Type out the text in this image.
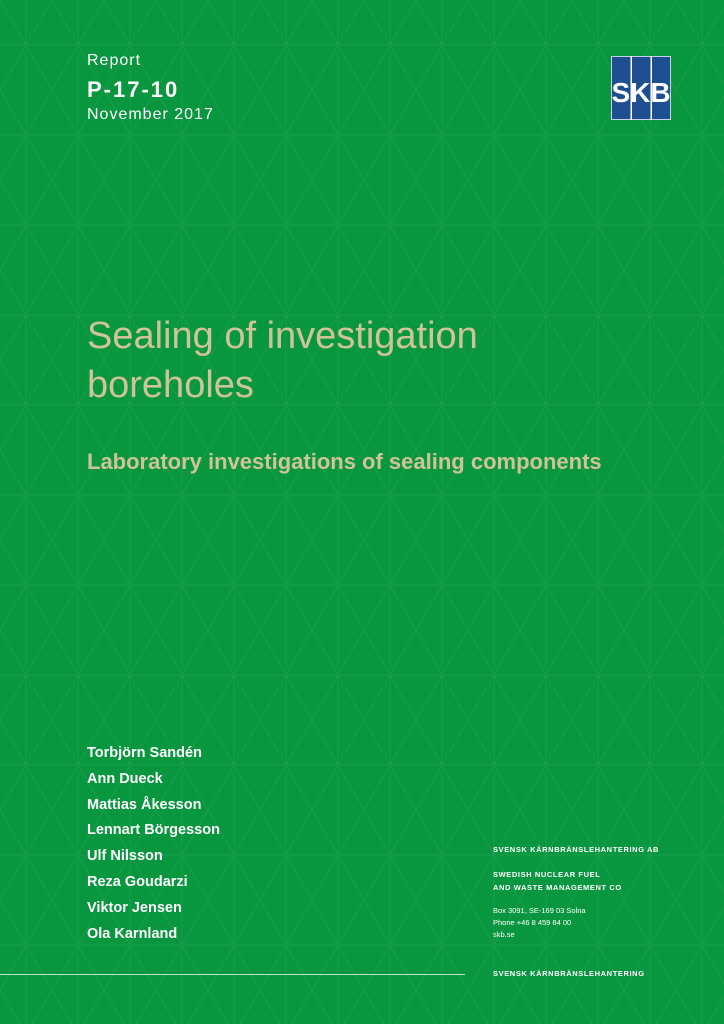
Report
P-17-10
November 2017
SKB
Sealing of investigation boreholes
Laboratory investigations of sealing components
Torbjörn Sandén
Ann Dueck
Mattias Åkesson
Lennart Börgesson
Ulf Nilsson
Reza Goudarzi
Viktor Jensen
Ola Karnland
SVENSK KÄRNBRÄNSLEHANTERING AB
SWEDISH NUCLEAR FUEL
AND WASTE MANAGEMENT CO
Box 3091, SE-169 03 Solna
Phone +46 8 459 84 00
skb.se
SVENSK KÄRNBRÄNSLEHANTERING
